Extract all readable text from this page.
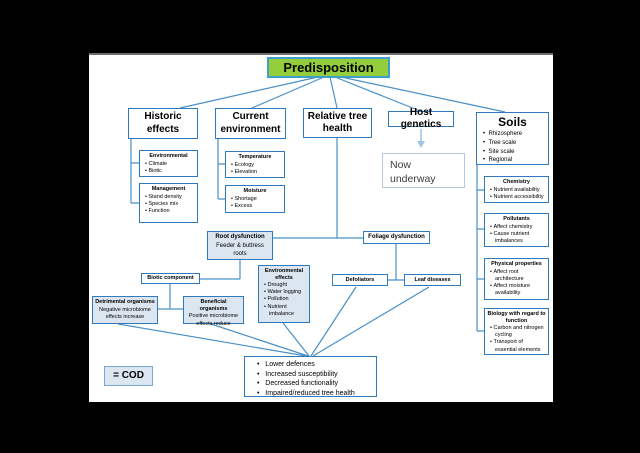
Predisposition
Historic effects
Current environment
Relative tree health
Host genetics	Soils
•  Rhizosphere
•  Tree scale
•  Site scale
•  Regional
Now underway
Environmental
• Climate
• Biotic
Management
• Stand density
• Species mix
• Function
Temperature
• Ecology
• Elevation
Moisture
• Shortage
• Excess
Chemistry
• Nutrient availability
• Nutrient accessibility
Pollutants
• Affect chemistry
• Cause nutrient imbalances
Physical properties
• Affect root architecture
• Affect moisture availability
Biology with regard to function
• Carbon and nitrogen cycling
• Transport of essential elements
Root dysfunction
Feeder & buttress roots
Foliage dysfunction
Biotic component
Environmental effects
• Drought
• Water logging
• Pollution
• Nutrient imbalance
Defoliators	Leaf diseases
Detrimental organisms
Negative microbiome effects increase
Beneficial organisms
Positive microbiome effects reduce
•   Lower defences
•   Increased susceptibility
•   Decreased functionality
•   Impaired/reduced tree health
= COD
